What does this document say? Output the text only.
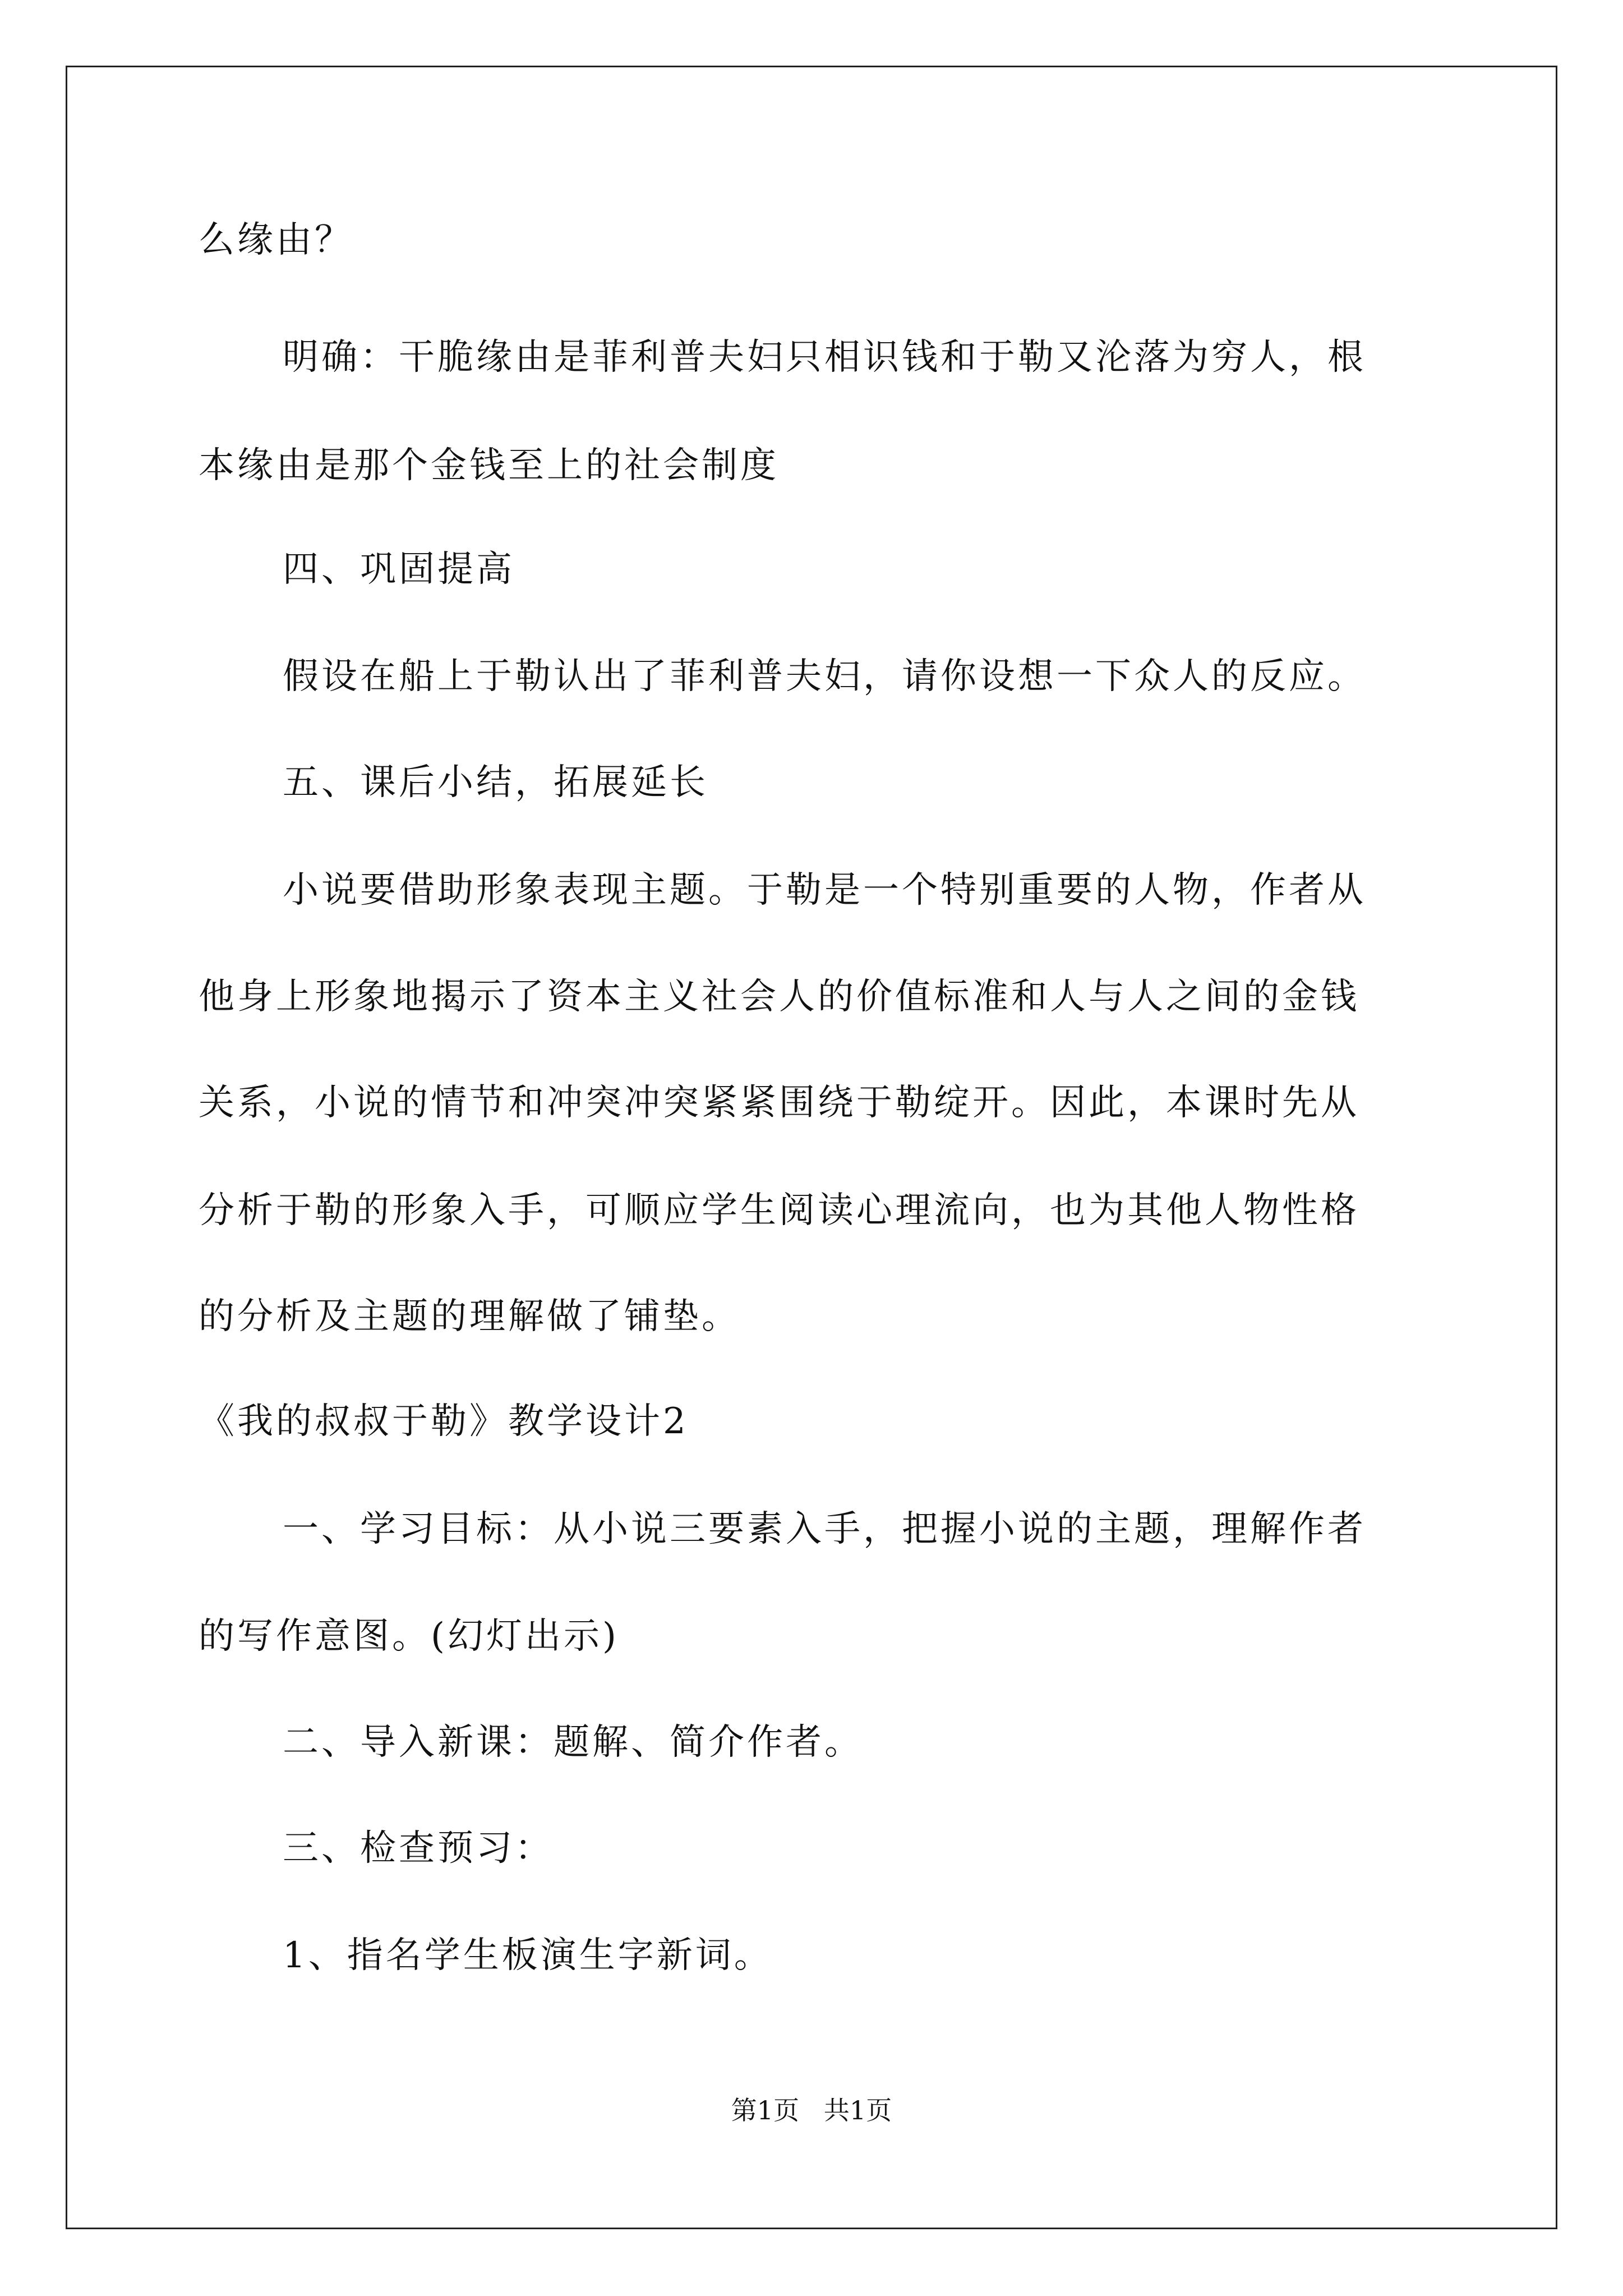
么缘由？

明确：干脆缘由是菲利普夫妇只相识钱和于勒又沦落为穷人，根

本缘由是那个金钱至上的社会制度

四、巩固提高

假设在船上于勒认出了菲利普夫妇，请你设想一下众人的反应。

五、课后小结，拓展延长

小说要借助形象表现主题。于勒是一个特别重要的人物，作者从

他身上形象地揭示了资本主义社会人的价值标准和人与人之间的金钱

关系，小说的情节和冲突冲突紧紧围绕于勒绽开。因此，本课时先从

分析于勒的形象入手，可顺应学生阅读心理流向，也为其他人物性格

的分析及主题的理解做了铺垫。

《我的叔叔于勒》教学设计2

一、学习目标：从小说三要素入手，把握小说的主题，理解作者

的写作意图。(幻灯出示)

二、导入新课：题解、简介作者。

三、检查预习：

1、指名学生板演生字新词。

第1页   共1页
